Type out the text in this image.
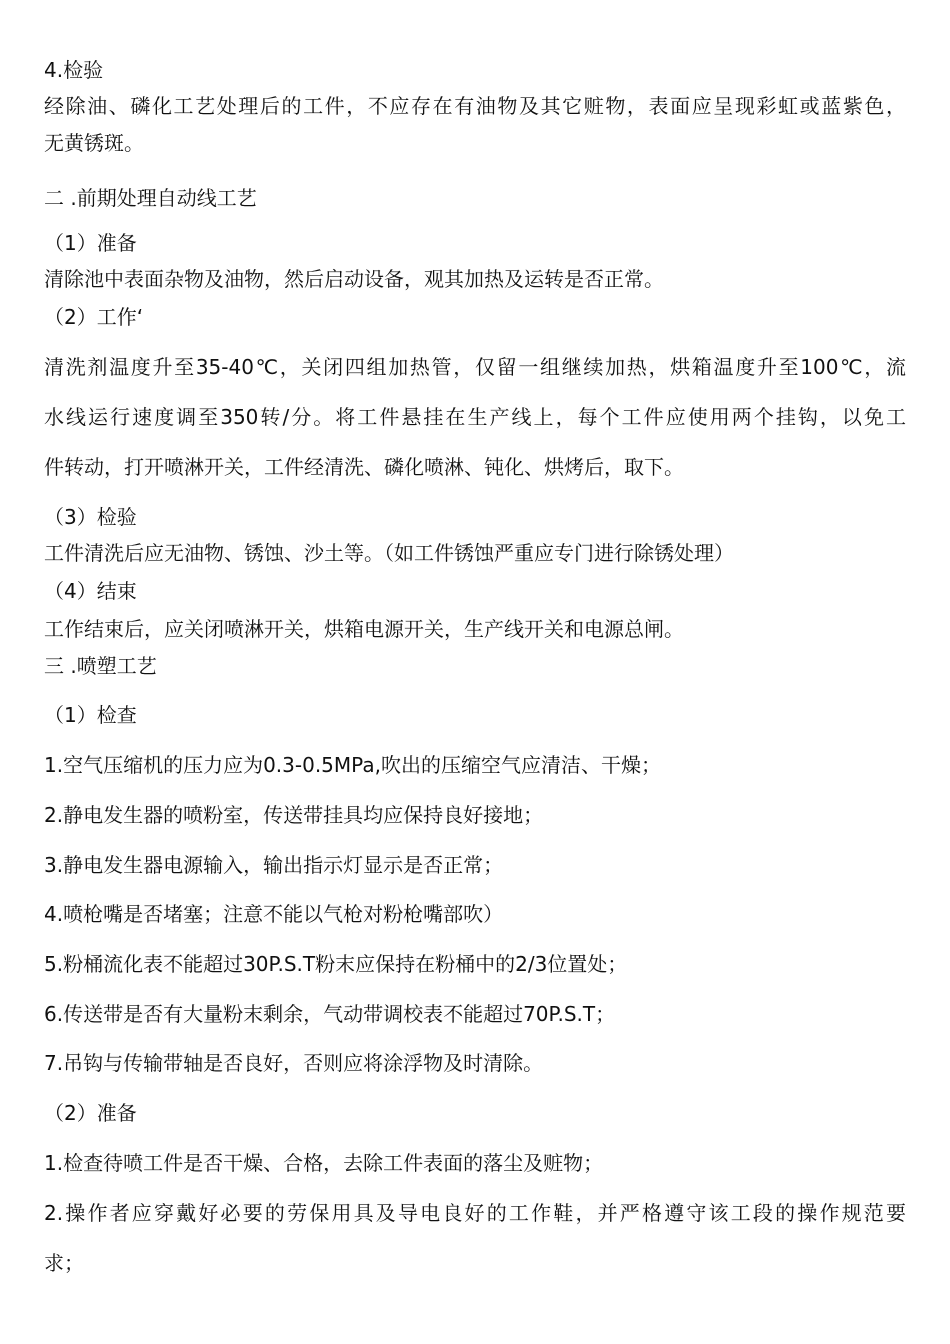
4.检验
经除油、磷化工艺处理后的工件，不应存在有油物及其它赃物，表面应呈现彩虹或蓝紫色，
无黄锈斑。
二 .前期处理自动线工艺
（1）准备
清除池中表面杂物及油物，然后启动设备，观其加热及运转是否正常。
（2）工作‘
清洗剂温度升至35-40℃，关闭四组加热管，仅留一组继续加热，烘箱温度升至100℃，流
水线运行速度调至350转/分。将工件悬挂在生产线上，每个工件应使用两个挂钩，以免工
件转动，打开喷淋开关，工件经清洗、磷化喷淋、钝化、烘烤后，取下。
（3）检验
工件清洗后应无油物、锈蚀、沙土等。（如工件锈蚀严重应专门进行除锈处理）
（4）结束
工作结束后，应关闭喷淋开关，烘箱电源开关，生产线开关和电源总闸。
三 .喷塑工艺
（1）检查
1.空气压缩机的压力应为0.3-0.5MPa,吹出的压缩空气应清洁、干燥；
2.静电发生器的喷粉室，传送带挂具均应保持良好接地；
3.静电发生器电源输入，输出指示灯显示是否正常；
4.喷枪嘴是否堵塞；注意不能以气枪对粉枪嘴部吹）
5.粉桶流化表不能超过30P.S.T粉末应保持在粉桶中的2/3位置处；
6.传送带是否有大量粉末剩余，气动带调校表不能超过70P.S.T；
7.吊钩与传输带轴是否良好，否则应将涂浮物及时清除。
（2）准备
1.检查待喷工件是否干燥、合格，去除工件表面的落尘及赃物；
2.操作者应穿戴好必要的劳保用具及导电良好的工作鞋，并严格遵守该工段的操作规范要
求；
